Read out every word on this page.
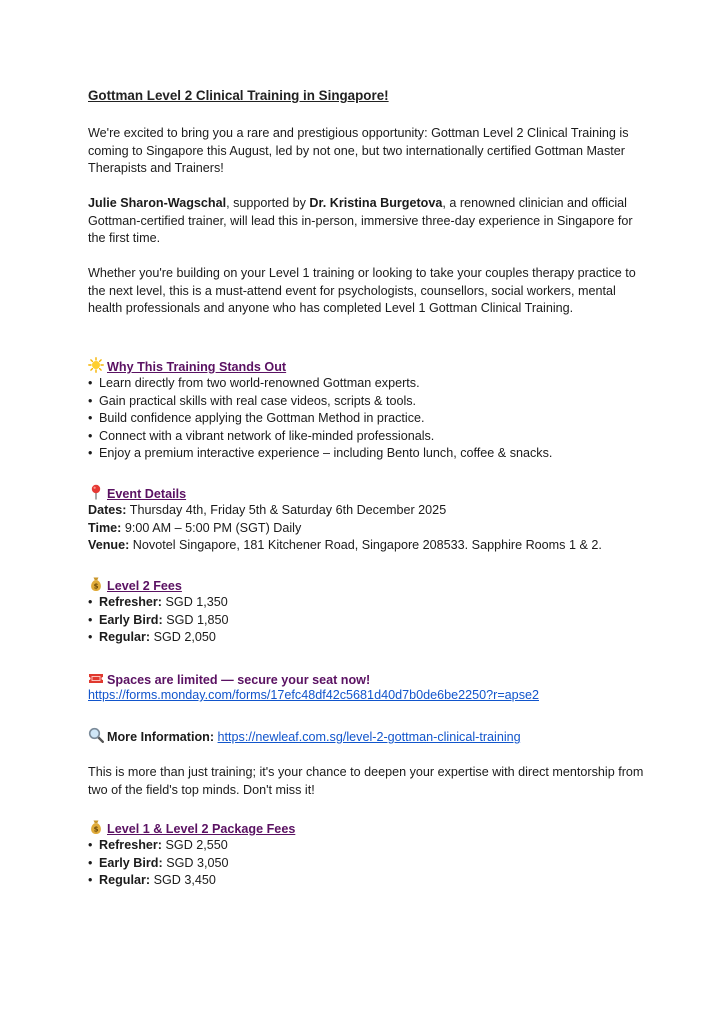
Gottman Level 2 Clinical Training in Singapore!

We're excited to bring you a rare and prestigious opportunity: Gottman Level 2 Clinical Training is coming to Singapore this August, led by not one, but two internationally certified Gottman Master Therapists and Trainers!

Julie Sharon-Wagschal, supported by Dr. Kristina Burgetova, a renowned clinician and official Gottman-certified trainer, will lead this in-person, immersive three-day experience in Singapore for the first time.

Whether you're building on your Level 1 training or looking to take your couples therapy practice to the next level, this is a must-attend event for psychologists, counsellors, social workers, mental health professionals and anyone who has completed Level 1 Gottman Clinical Training.

Why This Training Stands Out
• Learn directly from two world-renowned Gottman experts.
• Gain practical skills with real case videos, scripts & tools.
• Build confidence applying the Gottman Method in practice.
• Connect with a vibrant network of like-minded professionals.
• Enjoy a premium interactive experience – including Bento lunch, coffee & snacks.
Event Details
Dates: Thursday 4th, Friday 5th & Saturday 6th December 2025
Time: 9:00 AM – 5:00 PM (SGT) Daily
Venue: Novotel Singapore, 181 Kitchener Road, Singapore 208533. Sapphire Rooms 1 & 2.
$ Level 2 Fees
• Refresher: SGD 1,350
• Early Bird: SGD 1,850
• Regular: SGD 2,050
Spaces are limited — secure your seat now!
https://forms.monday.com/forms/17efc48df42c5681d40d7b0de6be2250?r=apse2
More Information: https://newleaf.com.sg/level-2-gottman-clinical-training

This is more than just training; it's your chance to deepen your expertise with direct mentorship from two of the field's top minds. Don't miss it!

$ Level 1 & Level 2 Package Fees
• Refresher: SGD 2,550
• Early Bird: SGD 3,050
• Regular: SGD 3,450
